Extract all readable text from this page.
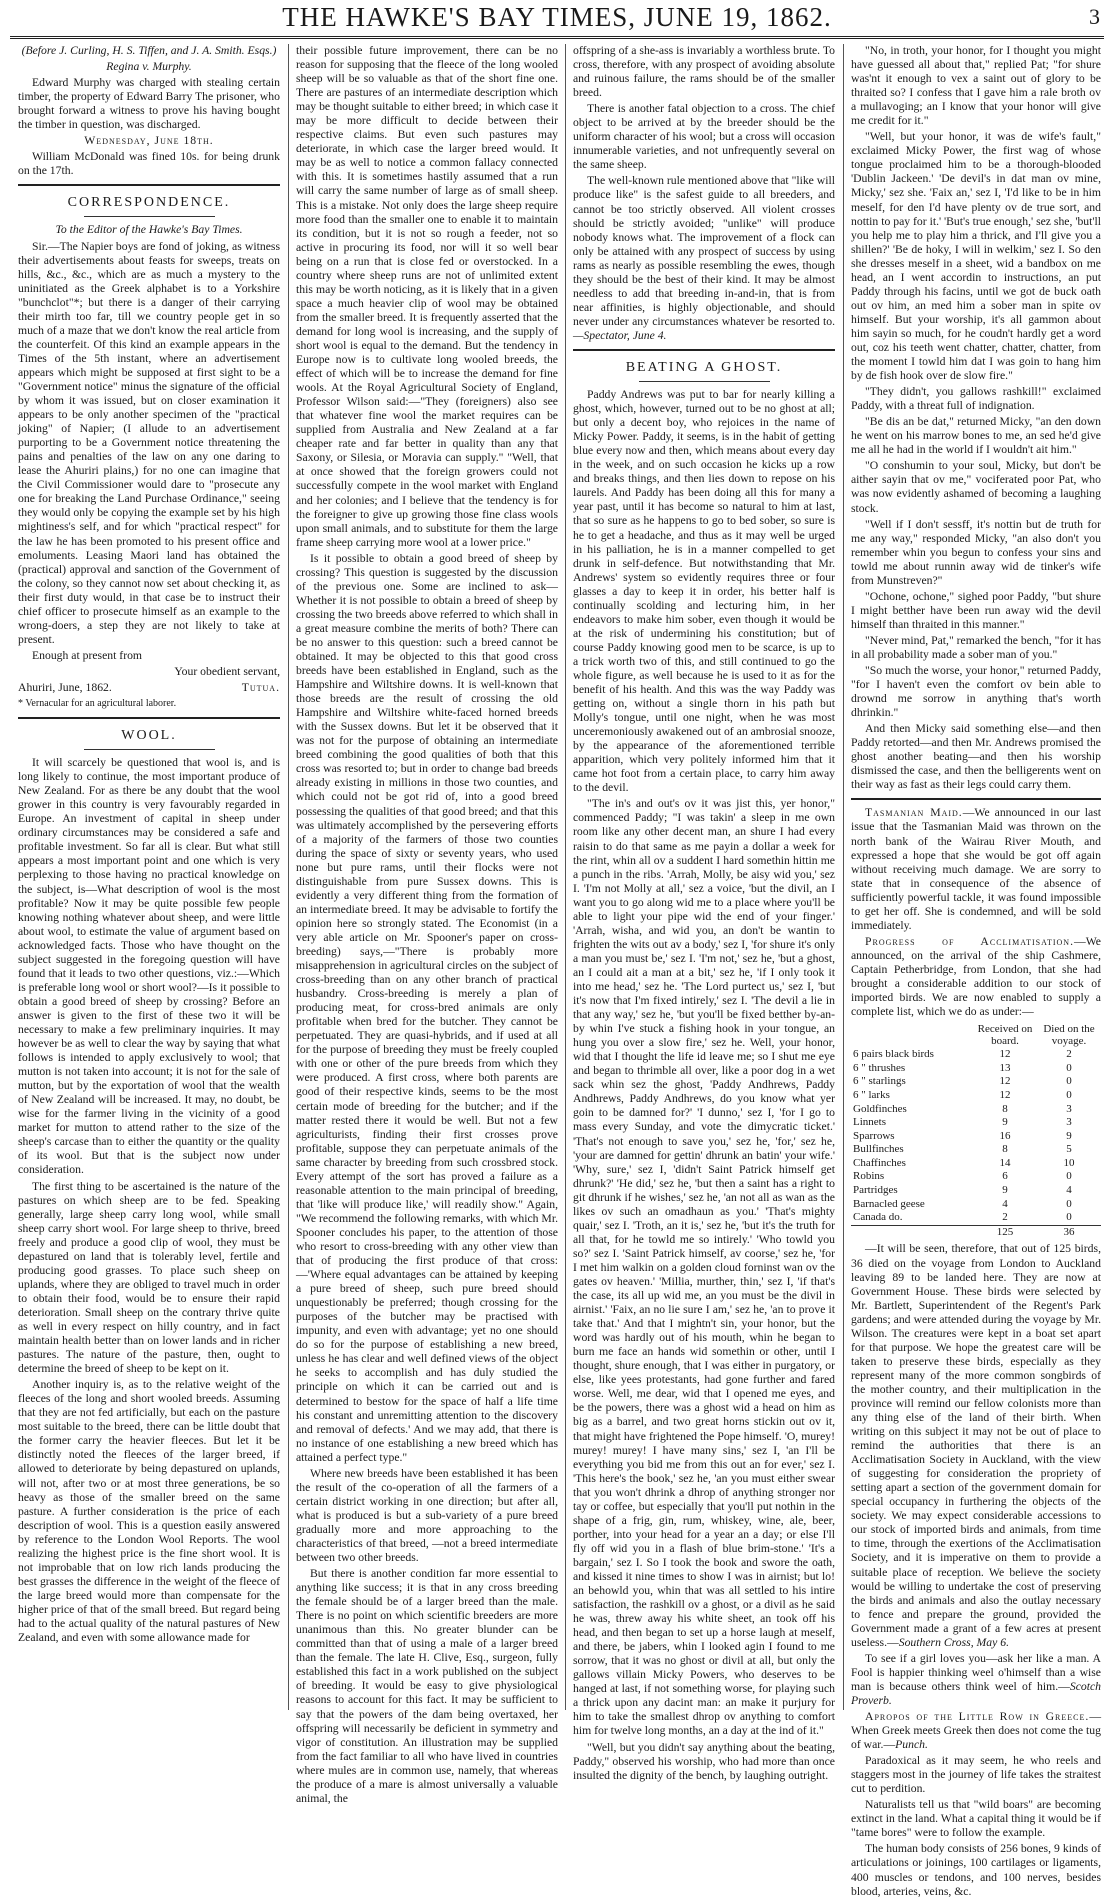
THE HAWKE'S BAY TIMES, JUNE 19, 1862.	3

(Before J. Curling, H. S. Tiffen, and J. A. Smith. Esqs.)

Regina v. Murphy.

Edward Murphy was charged with stealing certain timber, the property of Edward Barry The prisoner, who brought forward a witness to prove his having bought the timber in question, was discharged.

Wednesday, June 18th.

William McDonald was fined 10s. for being drunk on the 17th.

CORRESPONDENCE.

To the Editor of the Hawke's Bay Times.

Sir.—The Napier boys are fond of joking, as witness their advertisements about feasts for sweeps, treats on hills, &c., &c., which are as much a mystery to the uninitiated as the Greek alphabet is to a Yorkshire "bunchclot"*; but there is a danger of their carrying their mirth too far, till we country people get in so much of a maze that we don't know the real article from the counterfeit. Of this kind an example appears in the Times of the 5th instant, where an advertisement appears which might be supposed at first sight to be a "Government notice" minus the signature of the official by whom it was issued, but on closer examination it appears to be only another specimen of the "practical joking" of Napier; (I allude to an advertisement purporting to be a Government notice threatening the pains and penalties of the law on any one daring to lease the Ahuriri plains,) for no one can imagine that the Civil Commissioner would dare to "prosecute any one for breaking the Land Purchase Ordinance," seeing they would only be copying the example set by his high mightiness's self, and for which "practical respect" for the law he has been promoted to his present office and emoluments. Leasing Maori land has obtained the (practical) approval and sanction of the Government of the colony, so they cannot now set about checking it, as their first duty would, in that case be to instruct their chief officer to prosecute himself as an example to the wrong-doers, a step they are not likely to take at present.

Enough at present from

Your obedient servant,

Ahuriri, June, 1862.	Tutua.

* Vernacular for an agricultural laborer.

WOOL.

It will scarcely be questioned that wool is, and is long likely to continue, the most important produce of New Zealand. For as there be any doubt that the wool grower in this country is very favourably regarded in Europe. An investment of capital in sheep under ordinary circumstances may be considered a safe and profitable investment. So far all is clear. But what still appears a most important point and one which is very perplexing to those having no practical knowledge on the subject, is—What description of wool is the most profitable? Now it may be quite possible few people knowing nothing whatever about sheep, and were little about wool, to estimate the value of argument based on acknowledged facts. Those who have thought on the subject suggested in the foregoing question will have found that it leads to two other questions, viz.:—Which is preferable long wool or short wool?—Is it possible to obtain a good breed of sheep by crossing? Before an answer is given to the first of these two it will be necessary to make a few preliminary inquiries. It may however be as well to clear the way by saying that what follows is intended to apply exclusively to wool; that mutton is not taken into account; it is not for the sale of mutton, but by the exportation of wool that the wealth of New Zealand will be increased. It may, no doubt, be wise for the farmer living in the vicinity of a good market for mutton to attend rather to the size of the sheep's carcase than to either the quantity or the quality of its wool. But that is the subject now under consideration.

The first thing to be ascertained is the nature of the pastures on which sheep are to be fed. Speaking generally, large sheep carry long wool, while small sheep carry short wool. For large sheep to thrive, breed freely and produce a good clip of wool, they must be depastured on land that is tolerably level, fertile and producing good grasses. To place such sheep on uplands, where they are obliged to travel much in order to obtain their food, would be to ensure their rapid deterioration. Small sheep on the contrary thrive quite as well in every respect on hilly country, and in fact maintain health better than on lower lands and in richer pastures. The nature of the pasture, then, ought to determine the breed of sheep to be kept on it.

Another inquiry is, as to the relative weight of the fleeces of the long and short wooled breeds. Assuming that they are not fed artificially, but each on the pasture most suitable to the breed, there can be little doubt that the former carry the heavier fleeces. But let it be distinctly noted the fleeces of the larger breed, if allowed to deteriorate by being depastured on uplands, will not, after two or at most three generations, be so heavy as those of the smaller breed on the same pasture. A further consideration is the price of each description of wool. This is a question easily answered by reference to the London Wool Reports. The wool realizing the highest price is the fine short wool. It is not improbable that on low rich lands producing the best grasses the difference in the weight of the fleece of the large breed would more than compensate for the higher price of that of the small breed. But regard being had to the actual quality of the natural pastures of New Zealand, and even with some allowance made for

their possible future improvement, there can be no reason for supposing that the fleece of the long wooled sheep will be so valuable as that of the short fine one. There are pastures of an intermediate description which may be thought suitable to either breed; in which case it may be more difficult to decide between their respective claims. But even such pastures may deteriorate, in which case the larger breed would. It may be as well to notice a common fallacy connected with this. It is sometimes hastily assumed that a run will carry the same number of large as of small sheep. This is a mistake. Not only does the large sheep require more food than the smaller one to enable it to maintain its condition, but it is not so rough a feeder, not so active in procuring its food, nor will it so well bear being on a run that is close fed or overstocked. In a country where sheep runs are not of unlimited extent this may be worth noticing, as it is likely that in a given space a much heavier clip of wool may be obtained from the smaller breed. It is frequently asserted that the demand for long wool is increasing, and the supply of short wool is equal to the demand. But the tendency in Europe now is to cultivate long wooled breeds, the effect of which will be to increase the demand for fine wools. At the Royal Agricultural Society of England, Professor Wilson said:—"They (foreigners) also see that whatever fine wool the market requires can be supplied from Australia and New Zealand at a far cheaper rate and far better in quality than any that Saxony, or Silesia, or Moravia can supply." "Well, that at once showed that the foreign growers could not successfully compete in the wool market with England and her colonies; and I believe that the tendency is for the foreigner to give up growing those fine class wools upon small animals, and to substitute for them the large frame sheep carrying more wool at a lower price."

Is it possible to obtain a good breed of sheep by crossing? This question is suggested by the discussion of the previous one. Some are inclined to ask—Whether it is not possible to obtain a breed of sheep by crossing the two breeds above referred to which shall in a great measure combine the merits of both? There can be no answer to this question: such a breed cannot be obtained. It may be objected to this that good cross breeds have been established in England, such as the Hampshire and Wiltshire downs. It is well-known that those breeds are the result of crossing the old Hampshire and Wiltshire white-faced horned breeds with the Sussex downs. But let it be observed that it was not for the purpose of obtaining an intermediate breed combining the good qualities of both that this cross was resorted to; but in order to change bad breeds already existing in millions in those two counties, and which could not be got rid of, into a good breed possessing the qualities of that good breed; and that this was ultimately accomplished by the persevering efforts of a majority of the farmers of those two counties during the space of sixty or seventy years, who used none but pure rams, until their flocks were not distinguishable from pure Sussex downs. This is evidently a very different thing from the formation of an intermediate breed. It may be advisable to fortify the opinion here so strongly stated. The Economist (in a very able article on Mr. Spooner's paper on cross-breeding) says,—"There is probably more misapprehension in agricultural circles on the subject of cross-breeding than on any other branch of practical husbandry. Cross-breeding is merely a plan of producing meat, for cross-bred animals are only profitable when bred for the butcher. They cannot be perpetuated. They are quasi-hybrids, and if used at all for the purpose of breeding they must be freely coupled with one or other of the pure breeds from which they were produced. A first cross, where both parents are good of their respective kinds, seems to be the most certain mode of breeding for the butcher; and if the matter rested there it would be well. But not a few agriculturists, finding their first crosses prove profitable, suppose they can perpetuate animals of the same character by breeding from such crossbred stock. Every attempt of the sort has proved a failure as a reasonable attention to the main principal of breeding, that 'like will produce like,' will readily show." Again, "We recommend the following remarks, with which Mr. Spooner concludes his paper, to the attention of those who resort to cross-breeding with any other view than that of producing the first produce of that cross:—'Where equal advantages can be attained by keeping a pure breed of sheep, such pure breed should unquestionably be preferred; though crossing for the purposes of the butcher may be practised with impunity, and even with advantage; yet no one should do so for the purpose of establishing a new breed, unless he has clear and well defined views of the object he seeks to accomplish and has duly studied the principle on which it can be carried out and is determined to bestow for the space of half a life time his constant and unremitting attention to the discovery and removal of defects.' And we may add, that there is no instance of one establishing a new breed which has attained a perfect type."

Where new breeds have been established it has been the result of the co-operation of all the farmers of a certain district working in one direction; but after all, what is produced is but a sub-variety of a pure breed gradually more and more approaching to the characteristics of that breed, —not a breed intermediate between two other breeds.

But there is another condition far more essential to anything like success; it is that in any cross breeding the female should be of a larger breed than the male. There is no point on which scientific breeders are more unanimous than this. No greater blunder can be committed than that of using a male of a larger breed than the female. The late H. Clive, Esq., surgeon, fully established this fact in a work published on the subject of breeding. It would be easy to give physiological reasons to account for this fact. It may be sufficient to say that the powers of the dam being overtaxed, her offspring will necessarily be deficient in symmetry and vigor of constitution. An illustration may be supplied from the fact familiar to all who have lived in countries where mules are in common use, namely, that whereas the produce of a mare is almost universally a valuable animal, the

offspring of a she-ass is invariably a worthless brute. To cross, therefore, with any prospect of avoiding absolute and ruinous failure, the rams should be of the smaller breed.

There is another fatal objection to a cross. The chief object to be arrived at by the breeder should be the uniform character of his wool; but a cross will occasion innumerable varieties, and not unfrequently several on the same sheep.

The well-known rule mentioned above that "like will produce like" is the safest guide to all breeders, and cannot be too strictly observed. All violent crosses should be strictly avoided; "unlike" will produce nobody knows what. The improvement of a flock can only be attained with any prospect of success by using rams as nearly as possible resembling the ewes, though they should be the best of their kind. It may be almost needless to add that breeding in-and-in, that is from near affinities, is highly objectionable, and should never under any circumstances whatever be resorted to.—Spectator, June 4.

BEATING A GHOST.

Paddy Andrews was put to bar for nearly killing a ghost, which, however, turned out to be no ghost at all; but only a decent boy, who rejoices in the name of Micky Power. Paddy, it seems, is in the habit of getting blue every now and then, which means about every day in the week, and on such occasion he kicks up a row and breaks things, and then lies down to repose on his laurels. And Paddy has been doing all this for many a year past, until it has become so natural to him at last, that so sure as he happens to go to bed sober, so sure is he to get a headache, and thus as it may well be urged in his palliation, he is in a manner compelled to get drunk in self-defence. But notwithstanding that Mr. Andrews' system so evidently requires three or four glasses a day to keep it in order, his better half is continually scolding and lecturing him, in her endeavors to make him sober, even though it would be at the risk of undermining his constitution; but of course Paddy knowing good men to be scarce, is up to a trick worth two of this, and still continued to go the whole figure, as well because he is used to it as for the benefit of his health. And this was the way Paddy was getting on, without a single thorn in his path but Molly's tongue, until one night, when he was most unceremoniously awakened out of an ambrosial snooze, by the appearance of the aforementioned terrible apparition, which very politely informed him that it came hot foot from a certain place, to carry him away to the devil.

"The in's and out's ov it was jist this, yer honor," commenced Paddy; "I was takin' a sleep in me own room like any other decent man, an shure I had every raisin to do that same as me payin a dollar a week for the rint, whin all ov a suddent I hard somethin hittin me a punch in the ribs. 'Arrah, Molly, be aisy wid you,' sez I. 'I'm not Molly at all,' sez a voice, 'but the divil, an I want you to go along wid me to a place where you'll be able to light your pipe wid the end of your finger.' 'Arrah, wisha, and wid you, an don't be wantin to frighten the wits out av a body,' sez I, 'for shure it's only a man you must be,' sez I. 'I'm not,' sez he, 'but a ghost, an I could ait a man at a bit,' sez he, 'if I only took it into me head,' sez he. 'The Lord purtect us,' sez I, 'but it's now that I'm fixed intirely,' sez I. 'The devil a lie in that any way,' sez he, 'but you'll be fixed betther by-an-by whin I've stuck a fishing hook in your tongue, an hung you over a slow fire,' sez he. Well, your honor, wid that I thought the life id leave me; so I shut me eye and began to thrimble all over, like a poor dog in a wet sack whin sez the ghost, 'Paddy Andhrews, Paddy Andhrews, Paddy Andhrews, do you know what yer goin to be damned for?' 'I dunno,' sez I, 'for I go to mass every Sunday, and vote the dimycratic ticket.' 'That's not enough to save you,' sez he, 'for,' sez he, 'your are damned for gettin' dhrunk an batin' your wife.' 'Why, sure,' sez I, 'didn't Saint Patrick himself get dhrunk?' 'He did,' sez he, 'but then a saint has a right to git dhrunk if he wishes,' sez he, 'an not all as wan as the likes ov such an omadhaun as you.' 'That's mighty quair,' sez I. 'Troth, an it is,' sez he, 'but it's the truth for all that, for he towld me so intirely.' 'Who towld you so?' sez I. 'Saint Patrick himself, av coorse,' sez he, 'for I met him walkin on a golden cloud forninst wan ov the gates ov heaven.' 'Millia, murther, thin,' sez I, 'if that's the case, its all up wid me, an you must be the divil in airnist.' 'Faix, an no lie sure I am,' sez he, 'an to prove it take that.' And that I mightn't sin, your honor, but the word was hardly out of his mouth, whin he began to burn me face an hands wid somethin or other, until I thought, shure enough, that I was either in purgatory, or else, like yees protestants, had gone further and fared worse. Well, me dear, wid that I opened me eyes, and be the powers, there was a ghost wid a head on him as big as a barrel, and two great horns stickin out ov it, that might have frightened the Pope himself. 'O, murey! murey! murey! I have many sins,' sez I, 'an I'll be everything you bid me from this out an for ever,' sez I. 'This here's the book,' sez he, 'an you must either swear that you won't dhrink a dhrop of anything stronger nor tay or coffee, but especially that you'll put nothin in the shape of a frig, gin, rum, whiskey, wine, ale, beer, porther, into your head for a year an a day; or else I'll fly off wid you in a flash of blue brim-stone.' 'It's a bargain,' sez I. So I took the book and swore the oath, and kissed it nine times to show I was in airnist; but lo! an behowld you, whin that was all settled to his intire satisfaction, the rashkill ov a ghost, or a divil as he said he was, threw away his white sheet, an took off his head, and then began to set up a horse laugh at meself, and there, be jabers, whin I looked agin I found to me sorrow, that it was no ghost or divil at all, but only the gallows villain Micky Powers, who deserves to be hanged at last, if not something worse, for playing such a thrick upon any dacint man: an make it purjury for him to take the smallest dhrop ov anything to comfort him for twelve long months, an a day at the ind of it."

"Well, but you didn't say anything about the beating, Paddy," observed his worship, who had more than once insulted the dignity of the bench, by laughing outright.

"No, in troth, your honor, for I thought you might have guessed all about that," replied Pat; "for shure was'nt it enough to vex a saint out of glory to be thraited so? I confess that I gave him a rale broth ov a mullavoging; an I know that your honor will give me credit for it."

"Well, but your honor, it was de wife's fault," exclaimed Micky Power, the first wag of whose tongue proclaimed him to be a thorough-blooded 'Dublin Jackeen.' 'De devil's in dat man ov mine, Micky,' sez she. 'Faix an,' sez I, 'I'd like to be in him meself, for den I'd have plenty ov de true sort, and nottin to pay for it.' 'But's true enough,' sez she, 'but'll you help me to play him a thrick, and I'll give you a shillen?' 'Be de hoky, I will in welkim,' sez I. So den she dresses meself in a sheet, wid a bandbox on me head, an I went accordin to instructions, an put Paddy through his facins, until we got de buck oath out ov him, an med him a sober man in spite ov himself. But your worship, it's all gammon about him sayin so much, for he coudn't hardly get a word out, coz his teeth went chatter, chatter, chatter, from the moment I towld him dat I was goin to hang him by de fish hook over de slow fire."

"They didn't, you gallows rashkill!" exclaimed Paddy, with a threat full of indignation.

"Be dis an be dat," returned Micky, "an den down he went on his marrow bones to me, an sed he'd give me all he had in the world if I wouldn't ait him."

"O conshumin to your soul, Micky, but don't be aither sayin that ov me," vociferated poor Pat, who was now evidently ashamed of becoming a laughing stock.

"Well if I don't sessff, it's nottin but de truth for me any way," responded Micky, "an also don't you remember whin you begun to confess your sins and towld me about runnin away wid de tinker's wife from Munstreven?"

"Ochone, ochone," sighed poor Paddy, "but shure I might betther have been run away wid the devil himself than thraited in this manner."

"Never mind, Pat," remarked the bench, "for it has in all probability made a sober man of you."

"So much the worse, your honor," returned Paddy, "for I haven't even the comfort ov bein able to drownd me sorrow in anything that's worth dhrinkin."

And then Micky said something else—and then Paddy retorted—and then Mr. Andrews promised the ghost another beating—and then his worship dismissed the case, and then the belligerents went on their way as fast as their legs could carry them.

Tasmanian Maid.—We announced in our last issue that the Tasmanian Maid was thrown on the north bank of the Wairau River Mouth, and expressed a hope that she would be got off again without receiving much damage. We are sorry to state that in consequence of the absence of sufficiently powerful tackle, it was found impossible to get her off. She is condemned, and will be sold immediately.

Progress of Acclimatisation.—We announced, on the arrival of the ship Cashmere, Captain Petherbridge, from London, that she had brought a considerable addition to our stock of imported birds. We are now enabled to supply a complete list, which we do as under:—

	Received on board.	Died on the voyage.
6 pairs black birds	12	2
6 " thrushes	13	0
6 " starlings	12	0
6 " larks	12	0
Goldfinches	8	3
Linnets	9	3
Sparrows	16	9
Bullfinches	8	5
Chaffinches	14	10
Robins	6	0
Partridges	9	4
Barnacled geese	4	0
Canada do.	2	0
	125	36

—It will be seen, therefore, that out of 125 birds, 36 died on the voyage from London to Auckland leaving 89 to be landed here. They are now at Government House. These birds were selected by Mr. Bartlett, Superintendent of the Regent's Park gardens; and were attended during the voyage by Mr. Wilson. The creatures were kept in a boat set apart for that purpose. We hope the greatest care will be taken to preserve these birds, especially as they represent many of the more common songbirds of the mother country, and their multiplication in the province will remind our fellow colonists more than any thing else of the land of their birth. When writing on this subject it may not be out of place to remind the authorities that there is an Acclimatisation Society in Auckland, with the view of suggesting for consideration the propriety of setting apart a section of the government domain for special occupancy in furthering the objects of the society. We may expect considerable accessions to our stock of imported birds and animals, from time to time, through the exertions of the Acclimatisation Society, and it is imperative on them to provide a suitable place of reception. We believe the society would be willing to undertake the cost of preserving the birds and animals and also the outlay necessary to fence and prepare the ground, provided the Government made a grant of a few acres at present useless.—Southern Cross, May 6.

To see if a girl loves you—ask her like a man. A Fool is happier thinking weel o'himself than a wise man is because others think weel of him.—Scotch Proverb.

Apropos of the Little Row in Greece.—When Greek meets Greek then does not come the tug of war.—Punch.

Paradoxical as it may seem, he who reels and staggers most in the journey of life takes the straitest cut to perdition.

Naturalists tell us that "wild boars" are becoming extinct in the land. What a capital thing it would be if "tame bores" were to follow the example.

The human body consists of 256 bones, 9 kinds of articulations or joinings, 100 cartilages or ligaments, 400 muscles or tendons, and 100 nerves, besides blood, arteries, veins, &c.
